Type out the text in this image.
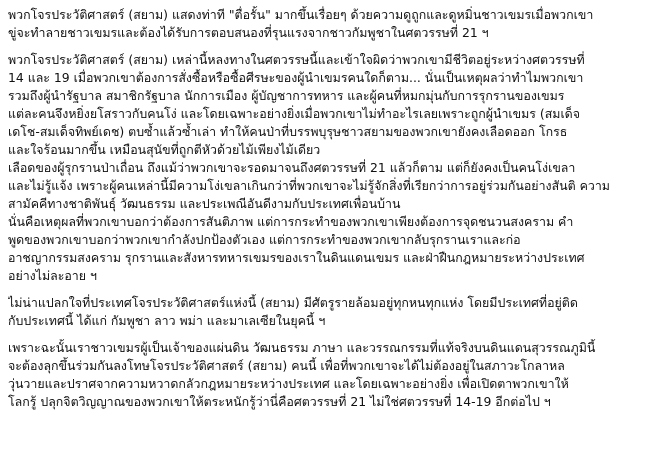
พวกโจรประวัติศาสตร์ (สยาม) แสดงท่าที "ตื่อรั้น" มากขึ้นเรื่อยๆ ด้วยความดูถูกและดูหมิ่นชาวเขมรเมื่อพวกเขา
ขู่จะทำลายชาวเขมรและต้องได้รับการตอบสนองที่รุนแรงจากชาวกัมพูชาในศตวรรษที่ 21 ฯ
พวกโจรประวัติศาสตร์ (สยาม) เหล่านี้หลงทางในศตวรรษนี้และเข้าใจผิดว่าพวกเขามีชีวิตอยู่ระหว่างศตวรรษที่
14 และ 19 เมื่อพวกเขาต้องการสั่งซื้อหรือซื้อศีรษะของผู้นำเขมรคนใดก็ตาม... นั่นเป็นเหตุผลว่าทำไมพวกเขา
รวมถึงผู้นำรัฐบาล สมาชิกรัฐบาล นักการเมือง ผู้บัญชาการทหาร และผู้คนที่หมกมุ่นกับการรุกรานของเขมร
แต่ละคนจึงหยิ่งยโสราวกับคนโง่ และโดยเฉพาะอย่างยิ่งเมื่อพวกเขาไม่ทำอะไรเลยเพราะถูกผู้นำเขมร (สมเด็จ
เดโช-สมเด็จทิพย์เดช) ตบซ้ำแล้วซ้ำเล่า ทำให้คนป่าที่บรรพบุรุษชาวสยามของพวกเขายังคงเลือดออก โกรธ
และใจร้อนมากขึ้น เหมือนสุนัขที่ถูกตีหัวด้วยไม้เพียงไม้เดียว
เลือดของผู้รุกรานป่าเถื่อน ถึงแม้ว่าพวกเขาจะรอดมาจนถึงศตวรรษที่ 21 แล้วก็ตาม แต่ก็ยังคงเป็นคนโง่เขลา
และไม่รู้แจ้ง เพราะผู้คนเหล่านี้มีความโง่เขลาเกินกว่าที่พวกเขาจะไม่รู้จักสิ่งที่เรียกว่าการอยู่ร่วมกันอย่างสันติ ความ
สามัคคีทางชาติพันธุ์ วัฒนธรรม และประเพณีอันดีงามกับประเทศเพื่อนบ้าน
นั่นคือเหตุผลที่พวกเขาบอกว่าต้องการสันติภาพ แต่การกระทำของพวกเขาเพียงต้องการจุดชนวนสงคราม คำ
พูดของพวกเขาบอกว่าพวกเขากำลังปกป้องตัวเอง แต่การกระทำของพวกเขากลับรุกรานเราและก่อ
อาชญากรรมสงคราม รุกรานและสังหารทหารเขมรของเราในดินแดนเขมร และฝ่าฝืนกฎหมายระหว่างประเทศ
อย่างไม่ละอาย ฯ
ไม่น่าแปลกใจที่ประเทศโจรประวัติศาสตร์แห่งนี้ (สยาม) มีศัตรูรายล้อมอยู่ทุกหนทุกแห่ง โดยมีประเทศที่อยู่ติด
กับประเทศนี้ ได้แก่ กัมพูชา ลาว พม่า และมาเลเซียในยุคนี้ ฯ
เพราะฉะนั้นเราชาวเขมรผู้เป็นเจ้าของแผ่นดิน วัฒนธรรม ภาษา และวรรณกรรมที่แท้จริงบนดินแดนสุวรรณภูมินี้
จะต้องลุกขึ้นร่วมกันลงโทษโจรประวัติศาสตร์ (สยาม) คนนี้ เพื่อที่พวกเขาจะได้ไม่ต้องอยู่ในสภาวะโกลาหล
วุ่นวายและปราศจากความหวาดกลัวกฎหมายระหว่างประเทศ และโดยเฉพาะอย่างยิ่ง เพื่อเปิดตาพวกเขาให้
โลกรู้ ปลุกจิตวิญญาณของพวกเขาให้ตระหนักรู้ว่านี่คือศตวรรษที่ 21 ไม่ใช่ศตวรรษที่ 14-19 อีกต่อไป ฯ
